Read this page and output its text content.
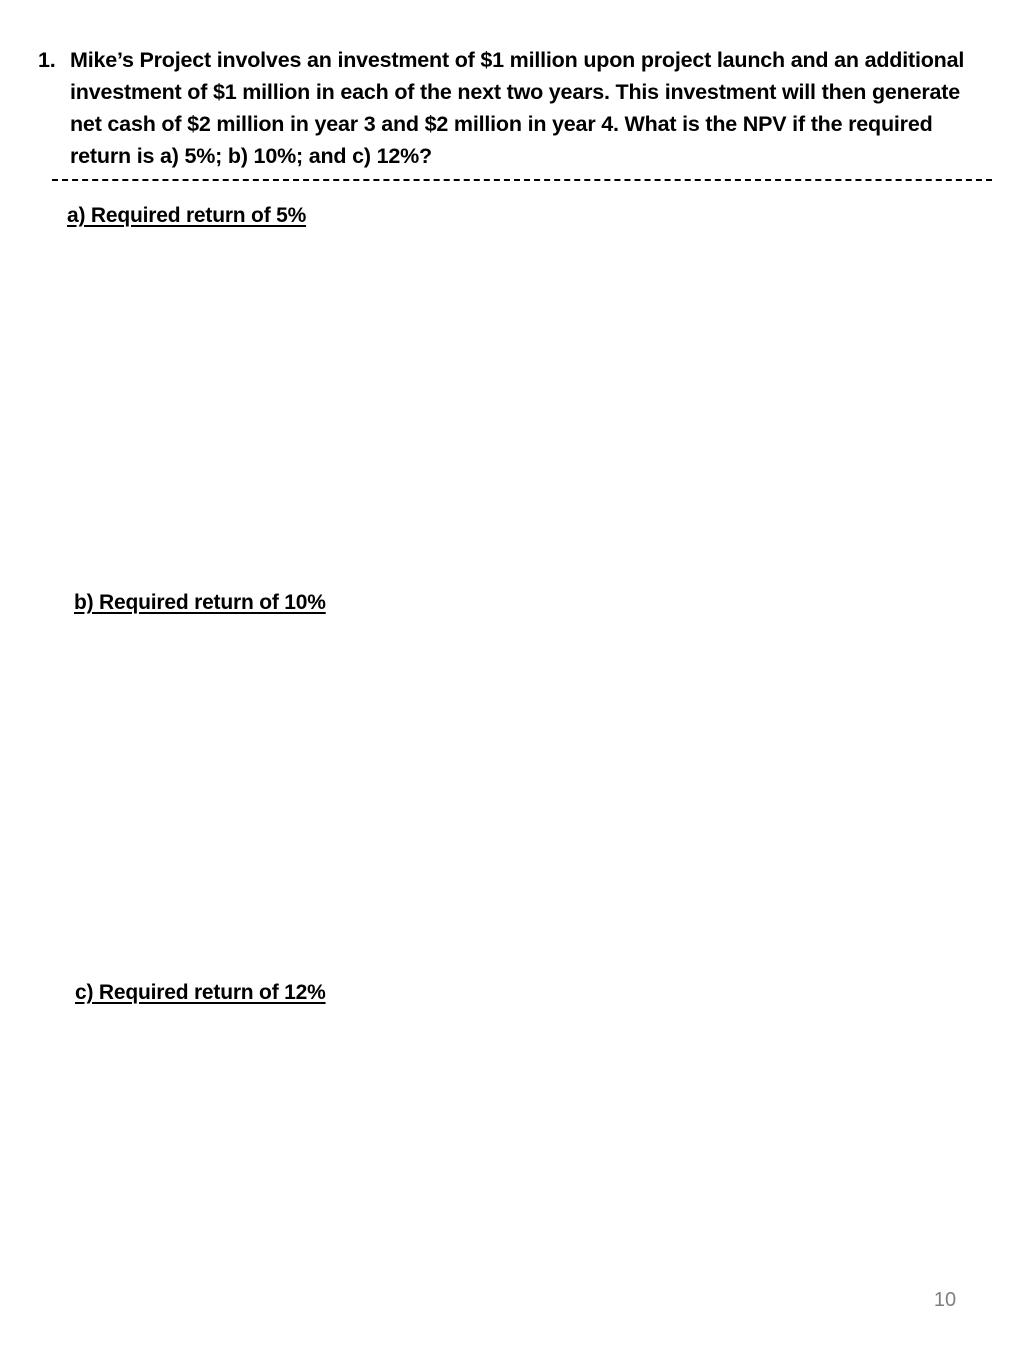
1. Mike’s Project involves an investment of $1 million upon project launch and an additional investment of $1 million in each of the next two years. This investment will then generate net cash of $2 million in year 3 and $2 million in year 4. What is the NPV if the required return is a) 5%; b) 10%; and c) 12%?
a) Required return of 5%
b) Required return of 10%
c) Required return of 12%
10
